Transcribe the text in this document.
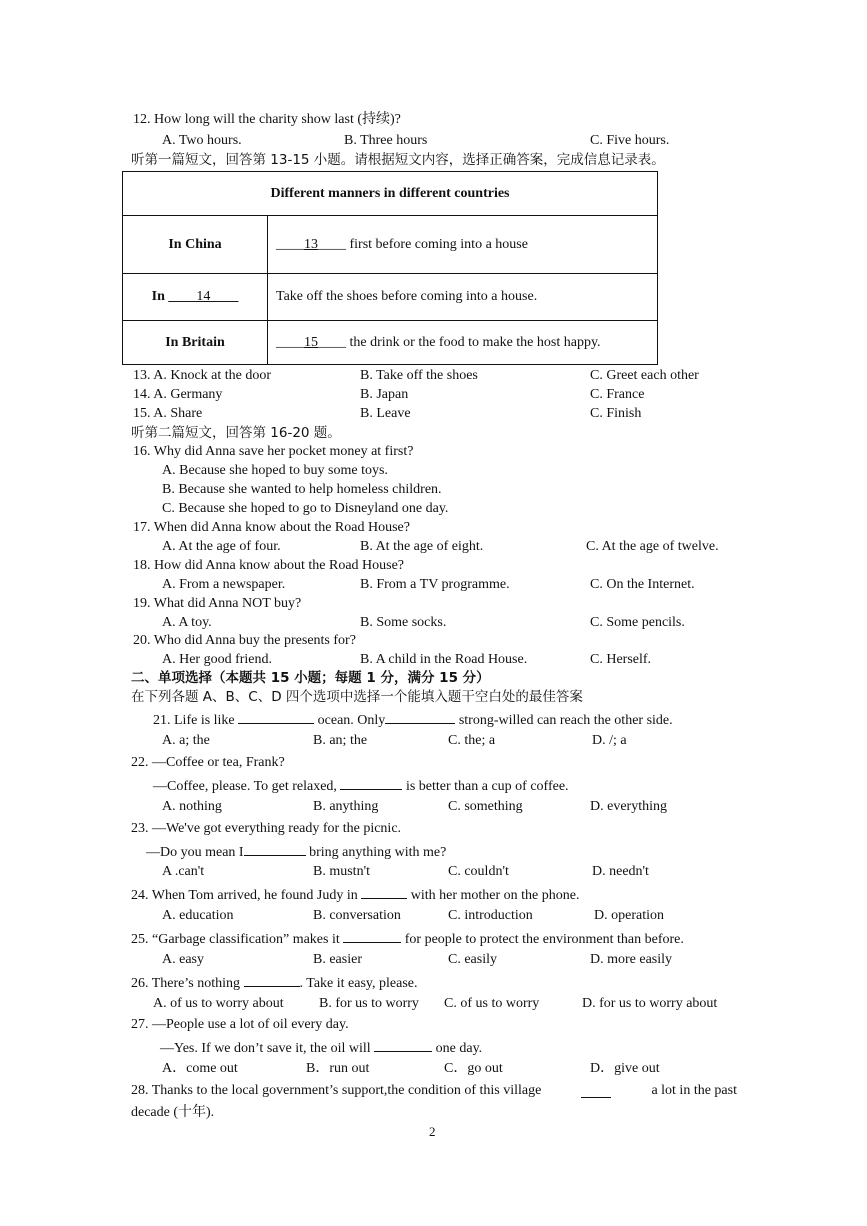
12. How long will the charity show last (持续)?
A. Two hours.	B. Three hours	C. Five hours.
听第一篇短文，回答第 13-15 小题。请根据短文内容，选择正确答案，完成信息记录表。
Different manners in different countries	
In China	____13____ first before coming into a house
In ____14____	Take off the shoes before coming into a house.
In Britain	____15____ the drink or the food to make the host happy.
13. A. Knock at the door	B. Take off the shoes	C. Greet each other
14. A. Germany	B. Japan	C. France
15. A. Share	B. Leave	C. Finish
听第二篇短文，回答第 16-20 题。
16. Why did Anna save her pocket money at first?
A. Because she hoped to buy some toys.
B. Because she wanted to help homeless children.
C. Because she hoped to go to Disneyland one day.
17. When did Anna know about the Road House?
A. At the age of four.	B. At the age of eight.	C. At the age of twelve.
18. How did Anna know about the Road House?
A. From a newspaper.	B. From a TV programme.	C. On the Internet.
19. What did Anna NOT buy?
A. A toy.	B. Some socks.	C. Some pencils.
20. Who did Anna buy the presents for?
A. Her good friend.	B. A child in the Road House.	C. Herself.
二、单项选择（本题共 15 小题；每题 1 分，满分 15 分）
在下列各题 A、B、C、D 四个选项中选择一个能填入题干空白处的最佳答案
21. Life is like	ocean. Only	strong-willed can reach the other side.
A. a; the	B. an; the	C. the; a	D. /; a
22. —Coffee or tea, Frank?
—Coffee, please. To get relaxed,	is better than a cup of coffee.
A. nothing	B. anything	C. something	D. everything
23. —We've got everything ready for the picnic.
—Do you mean I	bring anything with me?
A .can't	B. mustn't	C. couldn't	D. needn't
24. When Tom arrived, he found Judy in	with her mother on the phone.
A. education	B. conversation	C. introduction	D. operation
25. “Garbage classification” makes it	for people to protect the environment than before.
A. easy	B. easier	C. easily	D. more easily
26. There’s nothing	. Take it easy, please.
A. of us to worry about	B. for us to worry C. of us to worry	D. for us to worry about
27. —People use a lot of oil every day.
—Yes. If we don’t save it, the oil will	one day.
A．come out	B．run out	C．go out	D．give out
28. Thanks to the local government’s support,the condition of this village	a lot in the past
decade (十年).
2
